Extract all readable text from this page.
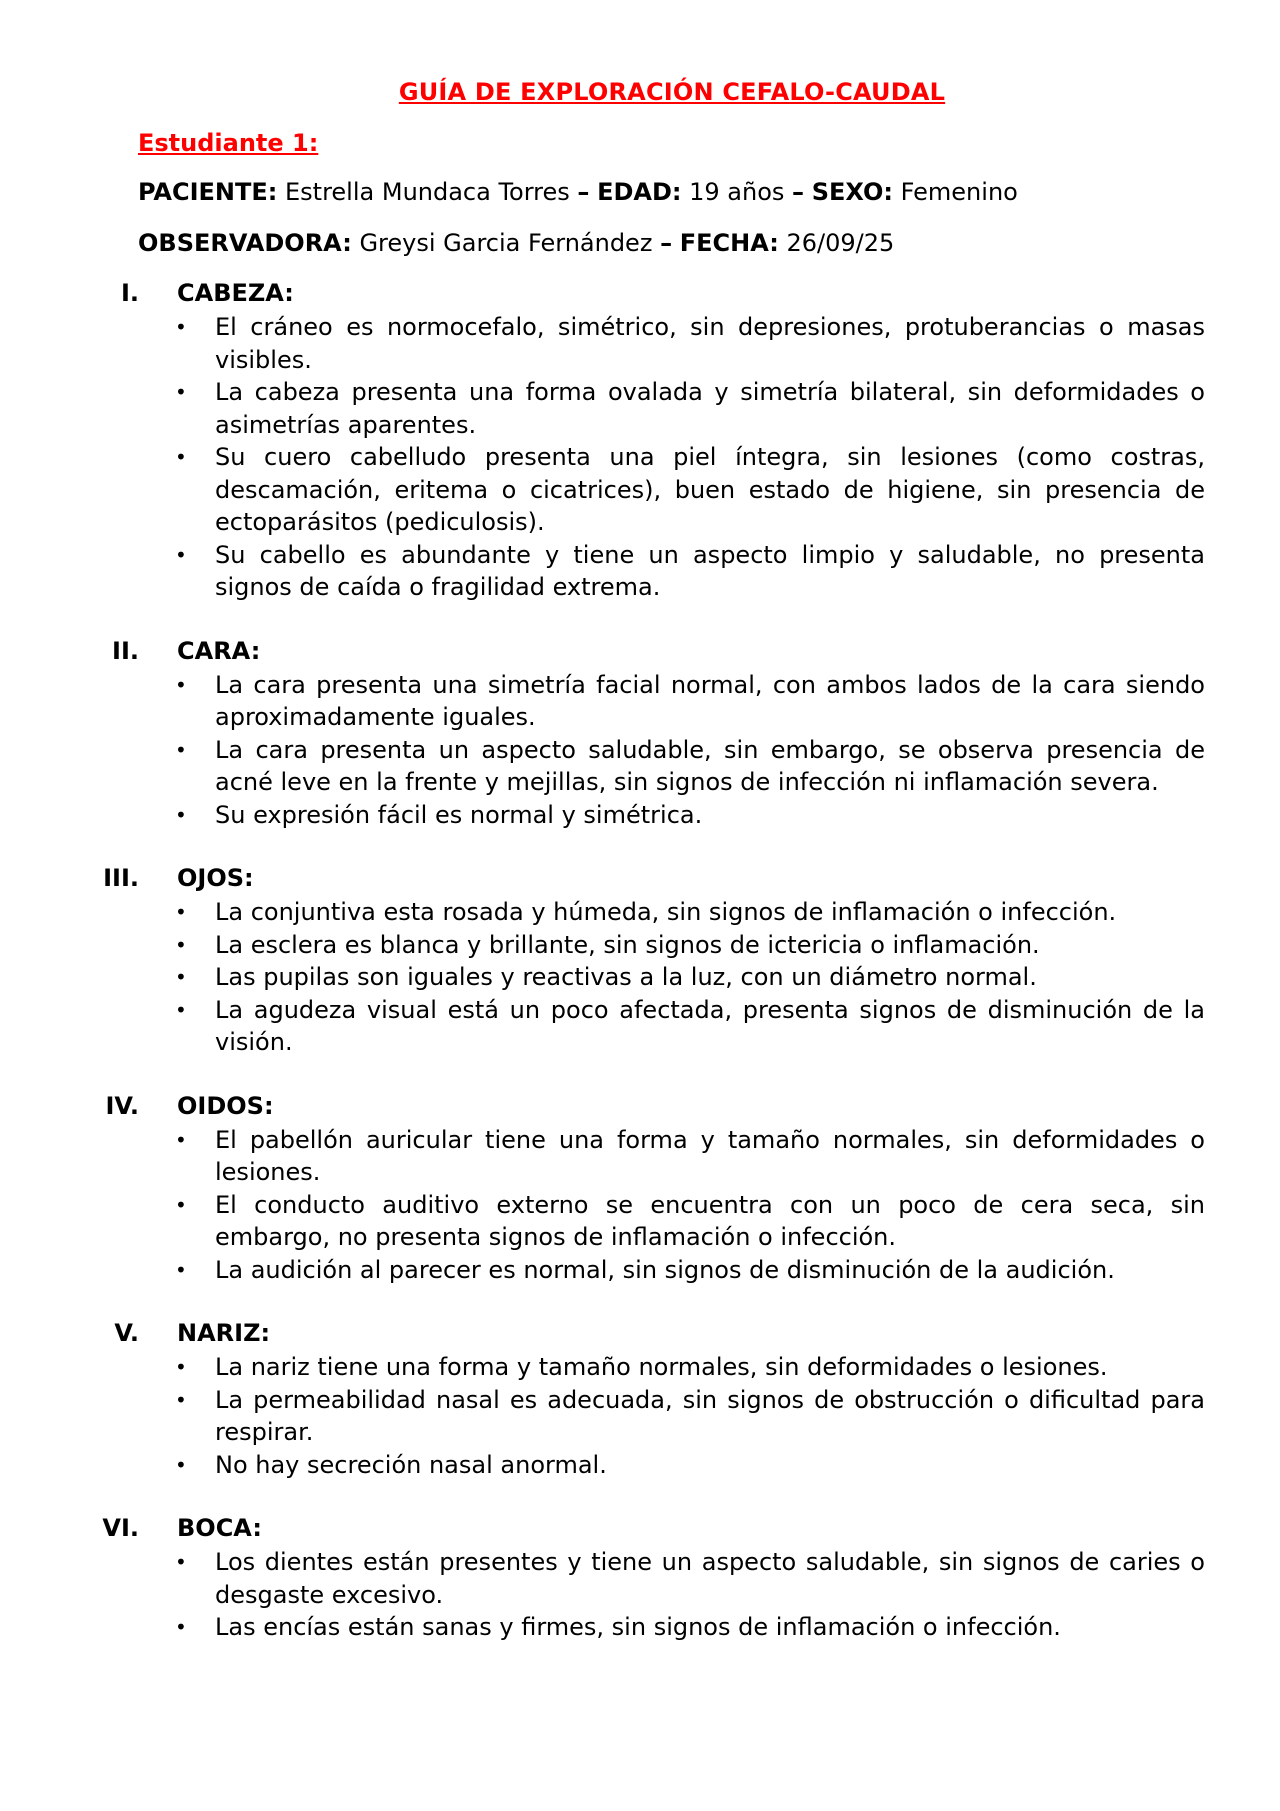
GUÍA DE EXPLORACIÓN CEFALO-CAUDAL
Estudiante 1:
PACIENTE: Estrella Mundaca Torres – EDAD: 19 años – SEXO: Femenino
OBSERVADORA: Greysi Garcia Fernández – FECHA: 26/09/25
I. CABEZA:
• El cráneo es normocefalo, simétrico, sin depresiones, protuberancias o masas visibles.
• La cabeza presenta una forma ovalada y simetría bilateral, sin deformidades o asimetrías aparentes.
• Su cuero cabelludo presenta una piel íntegra, sin lesiones (como costras, descamación, eritema o cicatrices), buen estado de higiene, sin presencia de ectoparásitos (pediculosis).
• Su cabello es abundante y tiene un aspecto limpio y saludable, no presenta signos de caída o fragilidad extrema.
II. CARA:
• La cara presenta una simetría facial normal, con ambos lados de la cara siendo aproximadamente iguales.
• La cara presenta un aspecto saludable, sin embargo, se observa presencia de acné leve en la frente y mejillas, sin signos de infección ni inflamación severa.
• Su expresión fácil es normal y simétrica.
III. OJOS:
• La conjuntiva esta rosada y húmeda, sin signos de inflamación o infección.
• La esclera es blanca y brillante, sin signos de ictericia o inflamación.
• Las pupilas son iguales y reactivas a la luz, con un diámetro normal.
• La agudeza visual está un poco afectada, presenta signos de disminución de la visión.
IV. OIDOS:
• El pabellón auricular tiene una forma y tamaño normales, sin deformidades o lesiones.
• El conducto auditivo externo se encuentra con un poco de cera seca, sin embargo, no presenta signos de inflamación o infección.
• La audición al parecer es normal, sin signos de disminución de la audición.
V. NARIZ:
• La nariz tiene una forma y tamaño normales, sin deformidades o lesiones.
• La permeabilidad nasal es adecuada, sin signos de obstrucción o dificultad para respirar.
• No hay secreción nasal anormal.
VI. BOCA:
• Los dientes están presentes y tiene un aspecto saludable, sin signos de caries o desgaste excesivo.
• Las encías están sanas y firmes, sin signos de inflamación o infección.
